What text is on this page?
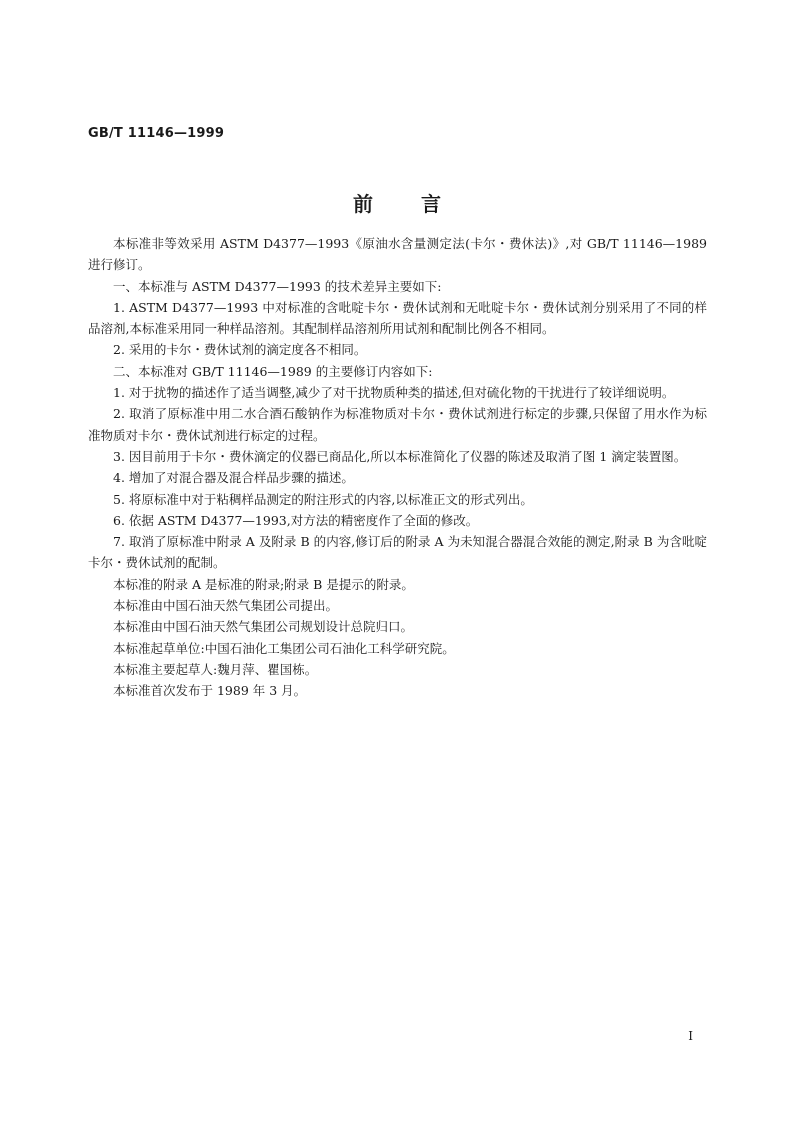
GB/T 11146—1999
前言

本标准非等效采用 ASTM D4377—1993《原油水含量测定法(卡尔・费休法)》,对 GB/T 11146—1989 进行修订。

一、本标准与 ASTM D4377—1993 的技术差异主要如下:

1. ASTM D4377—1993 中对标准的含吡啶卡尔・费休试剂和无吡啶卡尔・费休试剂分别采用了不同的样品溶剂,本标准采用同一种样品溶剂。其配制样品溶剂所用试剂和配制比例各不相同。

2. 采用的卡尔・费休试剂的滴定度各不相同。

二、本标准对 GB/T 11146—1989 的主要修订内容如下:

1. 对于扰物的描述作了适当调整,减少了对干扰物质种类的描述,但对硫化物的干扰进行了较详细说明。

2. 取消了原标准中用二水合酒石酸钠作为标准物质对卡尔・费休试剂进行标定的步骤,只保留了用水作为标准物质对卡尔・费休试剂进行标定的过程。

3. 因目前用于卡尔・费休滴定的仪器已商品化,所以本标准简化了仪器的陈述及取消了图 1 滴定装置图。

4. 增加了对混合器及混合样品步骤的描述。

5. 将原标准中对于粘稠样品测定的附注形式的内容,以标准正文的形式列出。

6. 依据 ASTM D4377—1993,对方法的精密度作了全面的修改。

7. 取消了原标准中附录 A 及附录 B 的内容,修订后的附录 A 为未知混合器混合效能的测定,附录 B 为含吡啶卡尔・费休试剂的配制。

本标准的附录 A 是标准的附录;附录 B 是提示的附录。

本标准由中国石油天然气集团公司提出。

本标准由中国石油天然气集团公司规划设计总院归口。

本标准起草单位:中国石油化工集团公司石油化工科学研究院。

本标准主要起草人:魏月萍、瞿国栋。

本标准首次发布于 1989 年 3 月。

I
